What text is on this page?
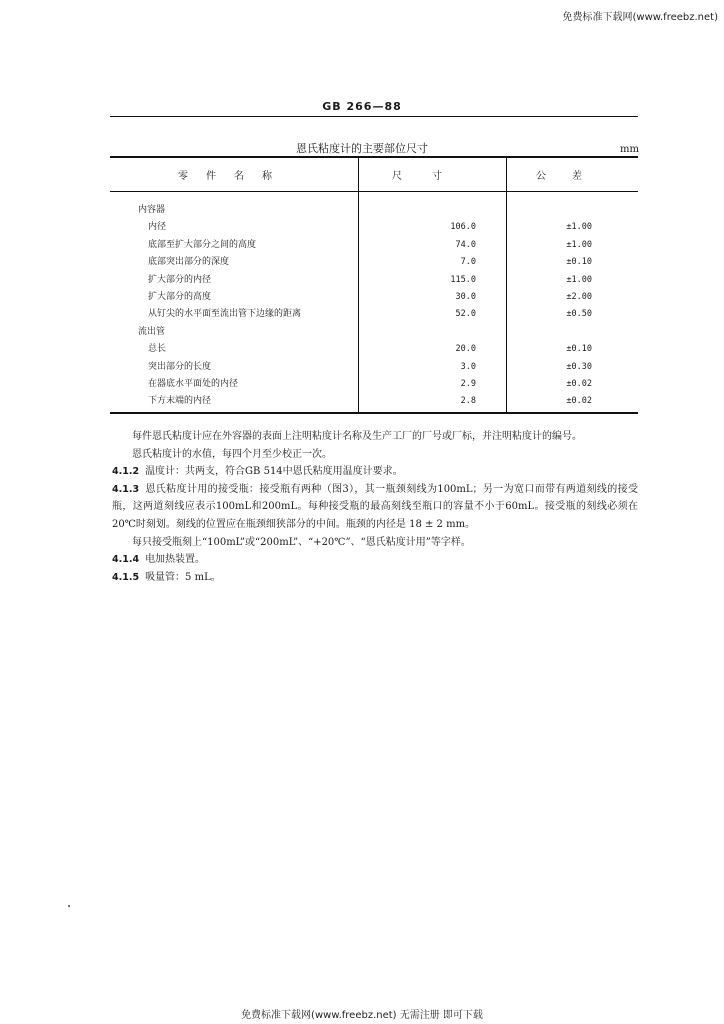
免费标准下载网(www.freebz.net)
GB 266—88
恩氏粘度计的主要部位尺寸	mm
零件名称	尺寸	公差
内容器
内径	106.0	±1.00
底部至扩大部分之间的高度	74.0	±1.00
底部突出部分的深度	7.0	±0.10
扩大部分的内径	115.0	±1.00
扩大部分的高度	30.0	±2.00
从钉尖的水平面至流出管下边缘的距离	52.0	±0.50
流出管
总长	20.0	±0.10
突出部分的长度	3.0	±0.30
在器底水平面处的内径	2.9	±0.02
下方末端的内径	2.8	±0.02

每件恩氏粘度计应在外容器的表面上注明粘度计名称及生产工厂的厂号或厂标，并注明粘度计的编号。

恩氏粘度计的水值，每四个月至少校正一次。

4.1.2 温度计：共两支，符合GB 514中恩氏粘度用温度计要求。

4.1.3 恩氏粘度计用的接受瓶：接受瓶有两种（图3），其一瓶颈刻线为100mL；另一为宽口而带有两道刻线的接受瓶，这两道刻线应表示100mL和200mL。每种接受瓶的最高刻线至瓶口的容量不小于60mL。接受瓶的刻线必须在20℃时刻划。刻线的位置应在瓶颈细狭部分的中间。瓶颈的内径是 18 ± 2 mm。

每只接受瓶刻上“100mL”或“200mL”、“+20℃”、“恩氏粘度计用”等字样。

4.1.4 电加热装置。

4.1.5 吸量管：5 mL。

免费标准下载网(www.freebz.net) 无需注册 即可下载
